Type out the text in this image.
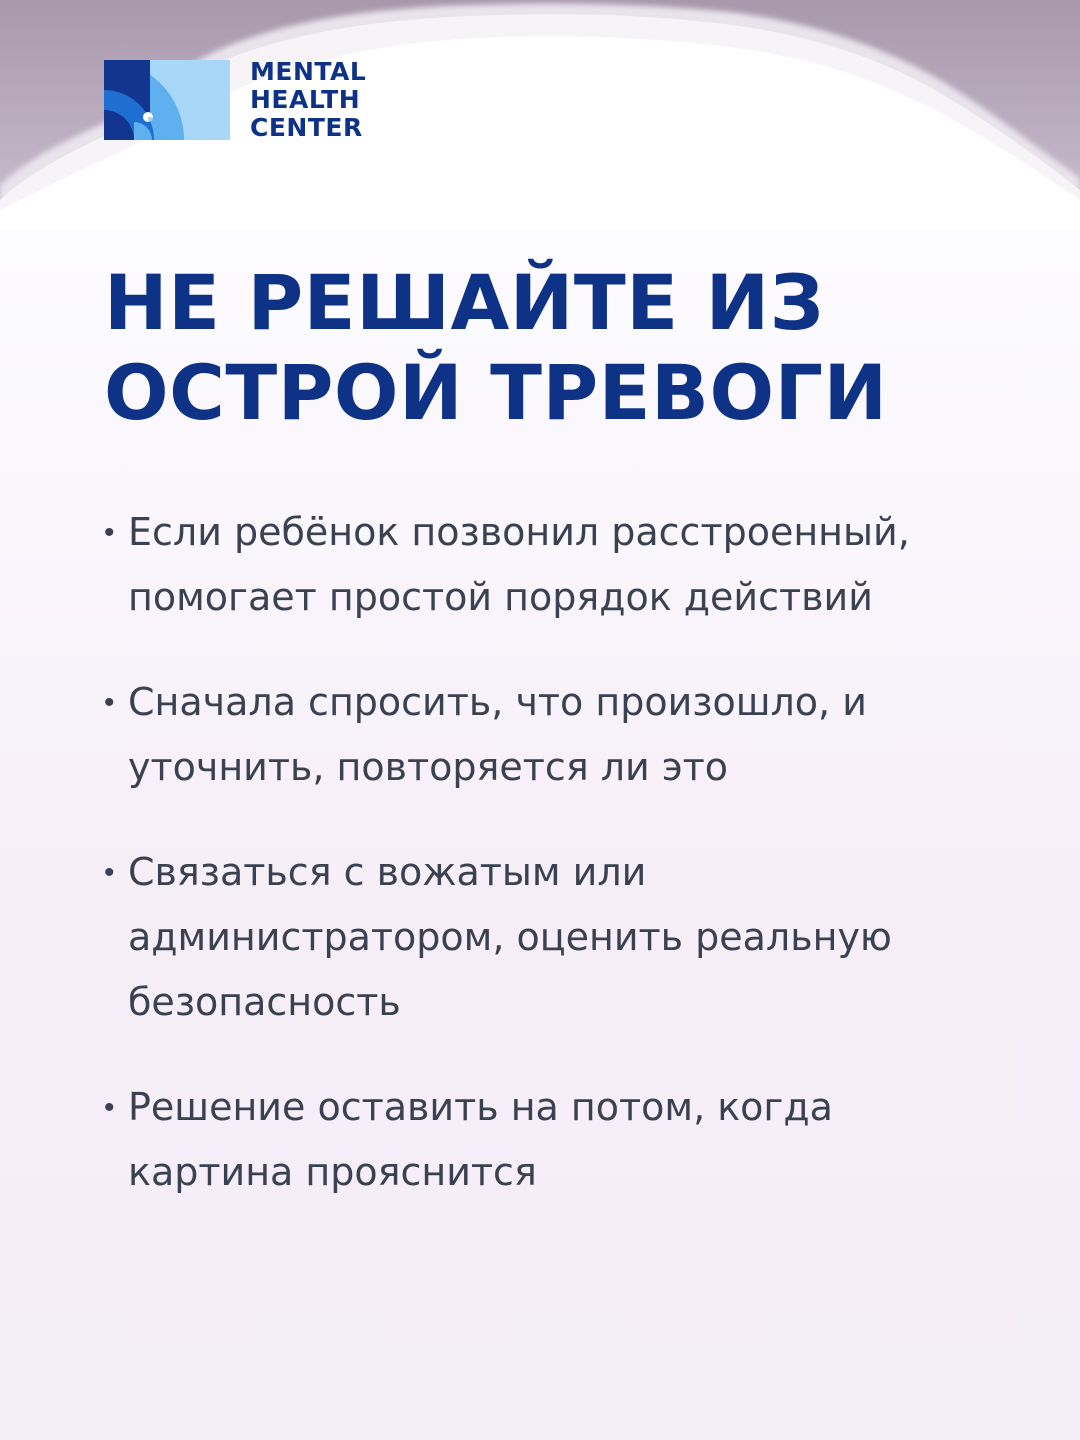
MENTAL
HEALTH
CENTER
НЕ РЕШАЙТЕ ИЗ
ОСТРОЙ ТРЕВОГИ
• Если ребёнок позвонил расстроенный,
помогает простой порядок действий
• Сначала спросить, что произошло, и
уточнить, повторяется ли это
• Связаться с вожатым или
администратором, оценить реальную
безопасность
• Решение оставить на потом, когда
картина прояснится
